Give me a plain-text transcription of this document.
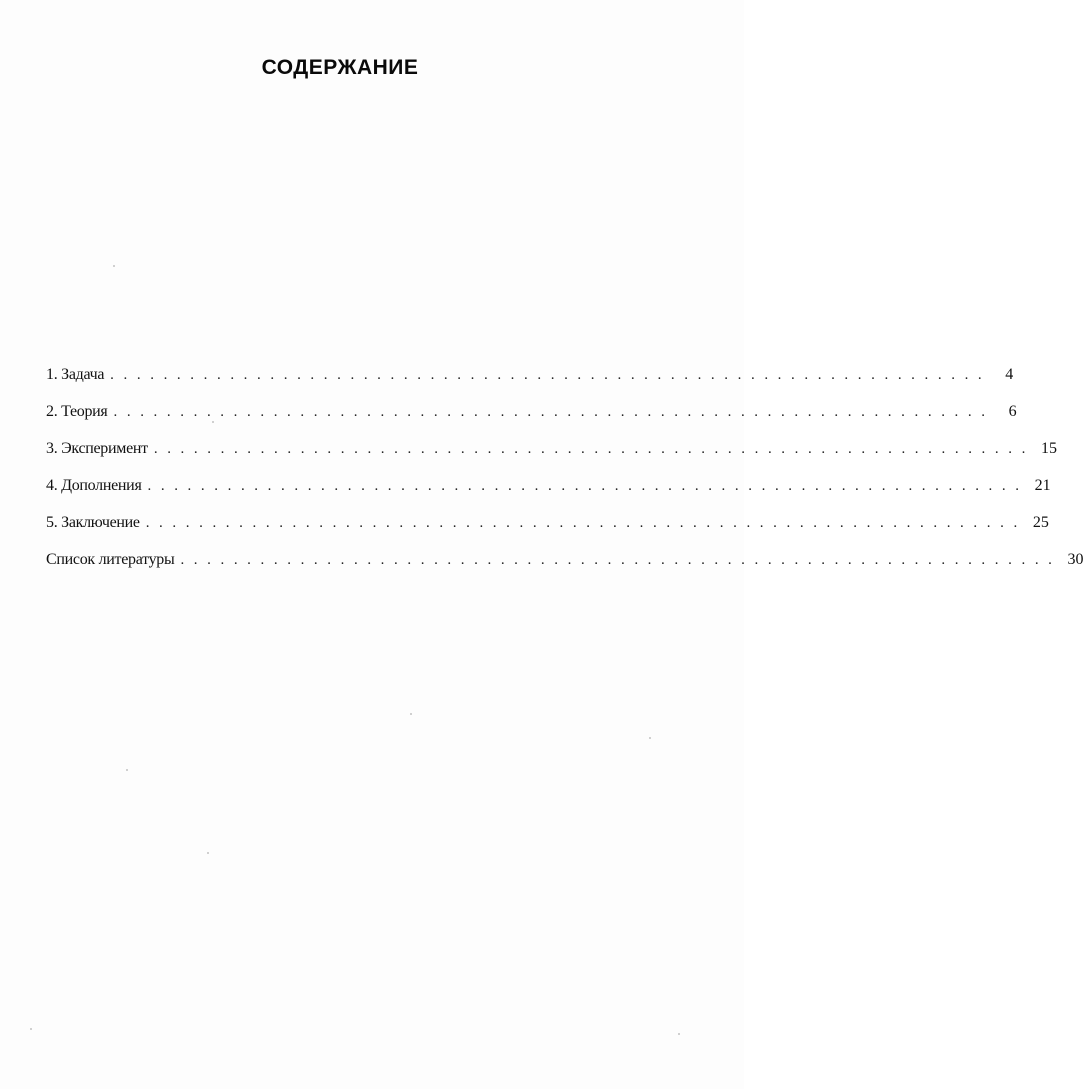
СОДЕРЖАНИЕ
1. Задача .................................................................. 4
2. Теория .................................................................. 6
3. Эксперимент .................................................................. 15
4. Дополнения .................................................................. 21
5. Заключение .................................................................. 25
Список литературы .................................................................. 30
